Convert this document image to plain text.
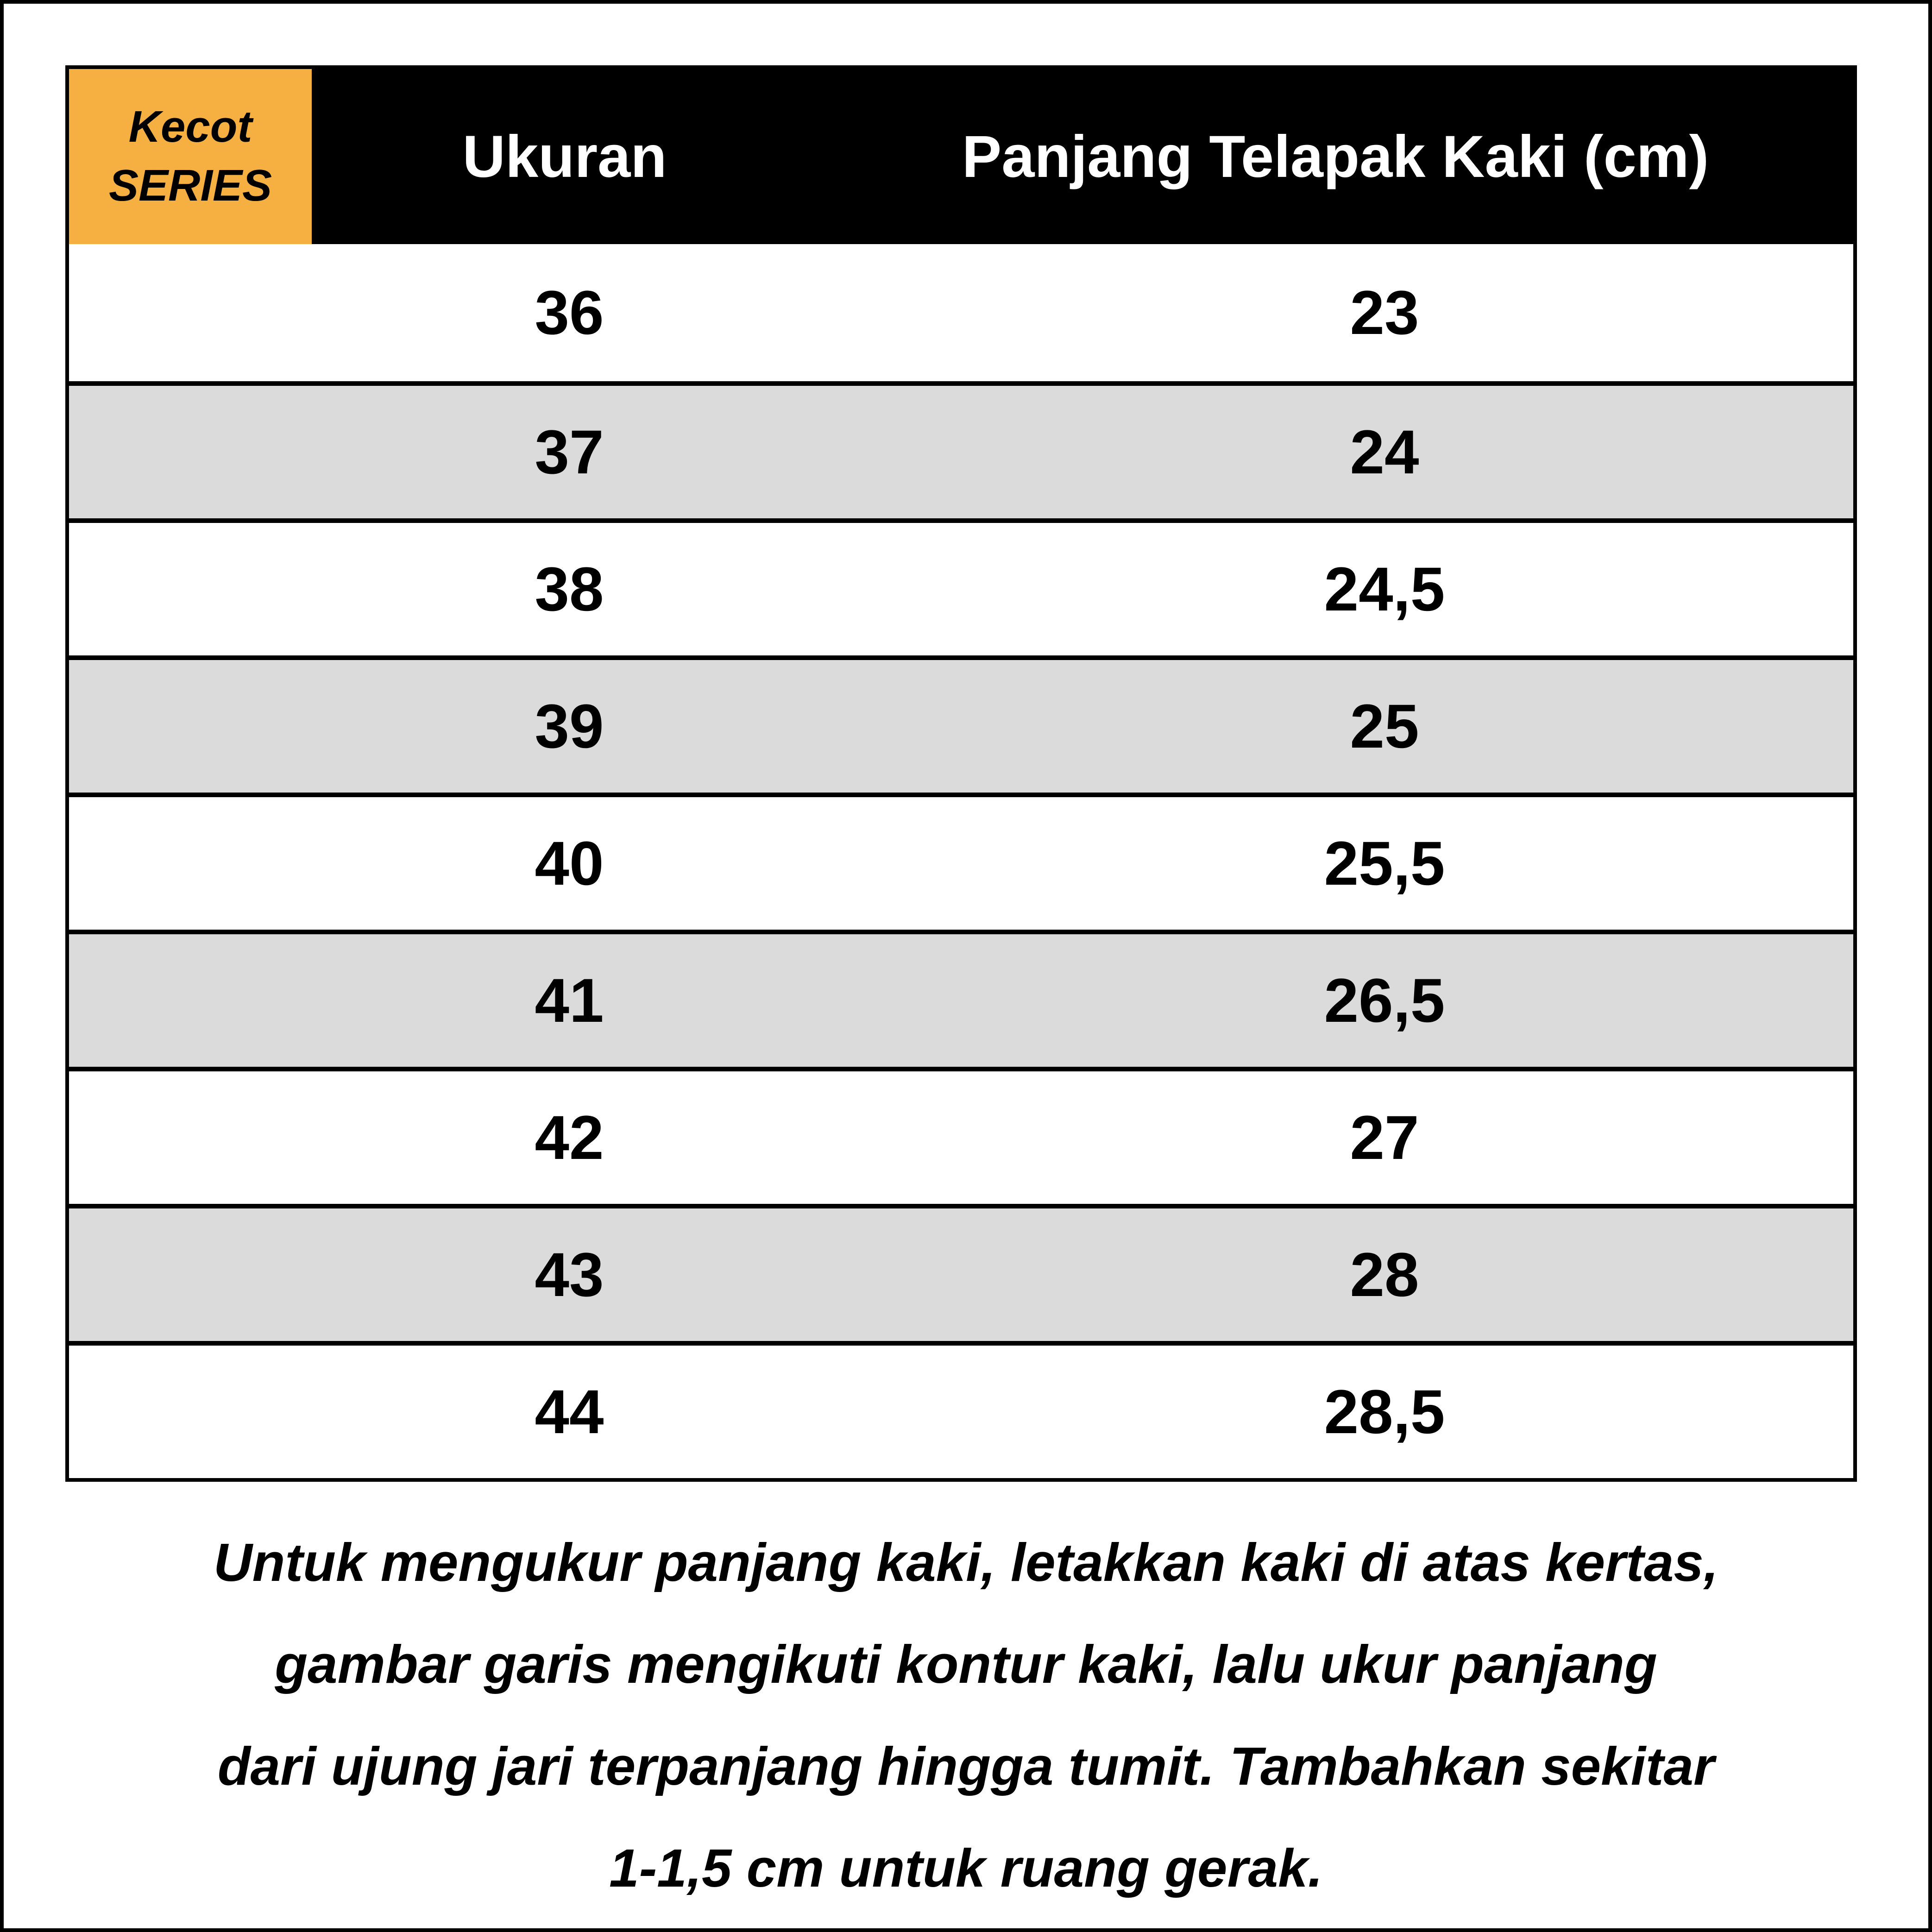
Kecot
SERIES	Ukuran	Panjang Telapak Kaki (cm)
36	23
37	24
38	24,5
39	25
40	25,5
41	26,5
42	27
43	28
44	28,5
Untuk mengukur panjang kaki, letakkan kaki di atas kertas,
gambar garis mengikuti kontur kaki, lalu ukur panjang
dari ujung jari terpanjang hingga tumit. Tambahkan sekitar
1-1,5 cm untuk ruang gerak.
